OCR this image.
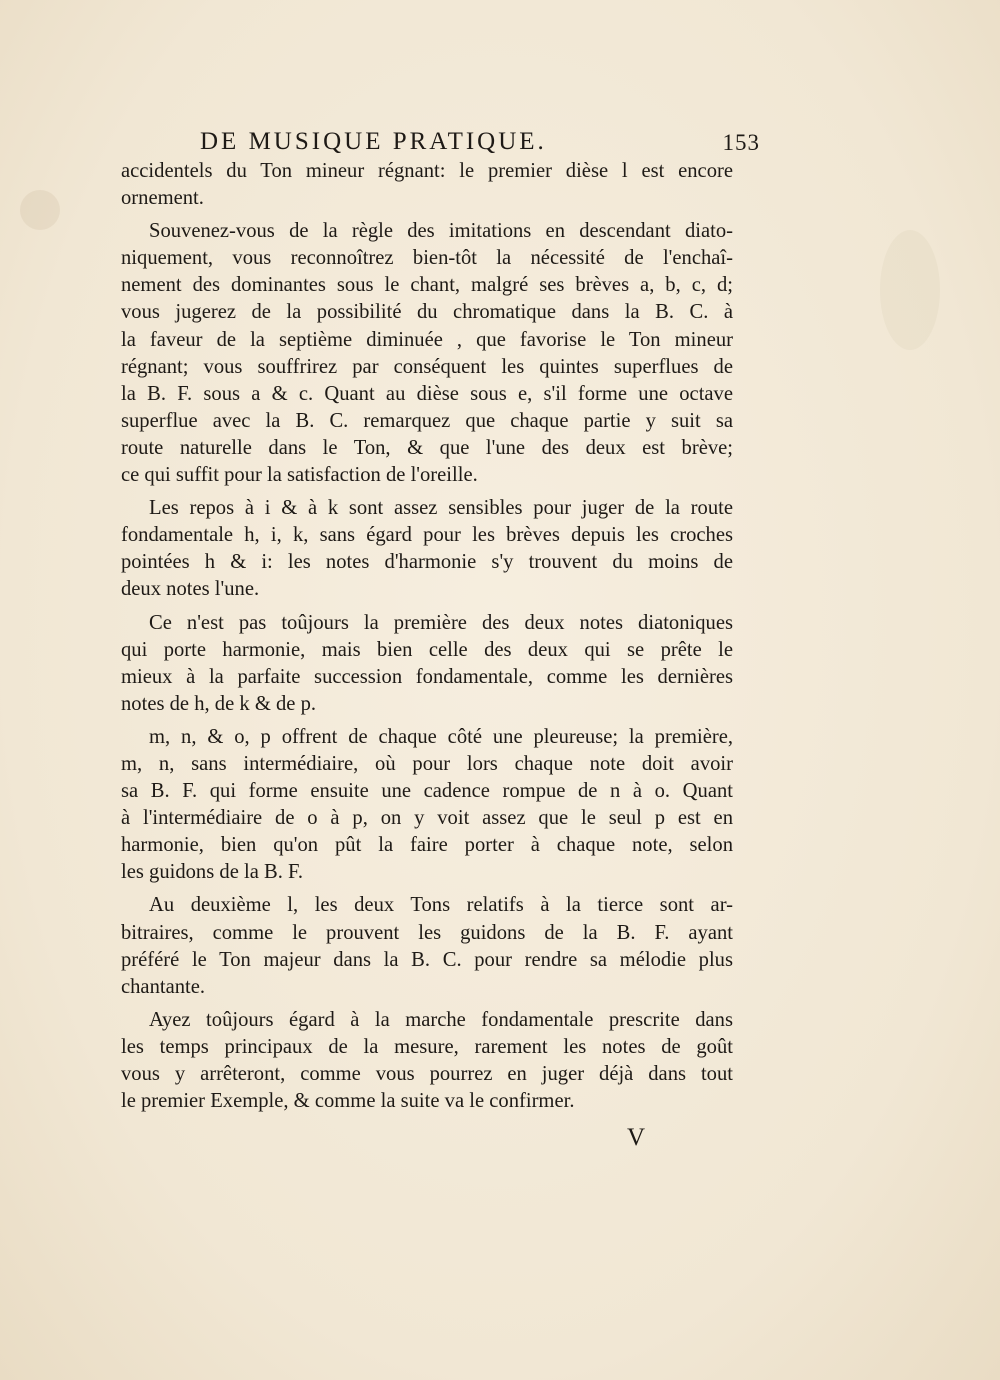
DE MUSIQUE PRATIQUE.	153
accidentels du Ton mineur régnant: le premier dièse l est encore
ornement.
Souvenez-vous de la règle des imitations en descendant diato-
niquement, vous reconnoîtrez bien-tôt la nécessité de l'enchaî-
nement des dominantes sous le chant, malgré ses brèves a, b, c, d;
vous jugerez de la possibilité du chromatique dans la B. C. à
la faveur de la septième diminuée , que favorise le Ton mineur
régnant; vous souffrirez par conséquent les quintes superflues de
la B. F. sous a & c. Quant au dièse sous e, s'il forme une octave
superflue avec la B. C. remarquez que chaque partie y suit sa
route naturelle dans le Ton, & que l'une des deux est brève;
ce qui suffit pour la satisfaction de l'oreille.
Les repos à i & à k sont assez sensibles pour juger de la route
fondamentale h, i, k, sans égard pour les brèves depuis les croches
pointées h & i: les notes d'harmonie s'y trouvent du moins de
deux notes l'une.
Ce n'est pas toûjours la première des deux notes diatoniques
qui porte harmonie, mais bien celle des deux qui se prête le
mieux à la parfaite succession fondamentale, comme les dernières
notes de h, de k & de p.
m, n, & o, p offrent de chaque côté une pleureuse; la première,
m, n, sans intermédiaire, où pour lors chaque note doit avoir
sa B. F. qui forme ensuite une cadence rompue de n à o. Quant
à l'intermédiaire de o à p, on y voit assez que le seul p est en
harmonie, bien qu'on pût la faire porter à chaque note, selon
les guidons de la B. F.
Au deuxième l, les deux Tons relatifs à la tierce sont ar-
bitraires, comme le prouvent les guidons de la B. F. ayant
préféré le Ton majeur dans la B. C. pour rendre sa mélodie plus
chantante.
Ayez toûjours égard à la marche fondamentale prescrite dans
les temps principaux de la mesure, rarement les notes de goût
vous y arrêteront, comme vous pourrez en juger déjà dans tout
le premier Exemple, & comme la suite va le confirmer.
V
